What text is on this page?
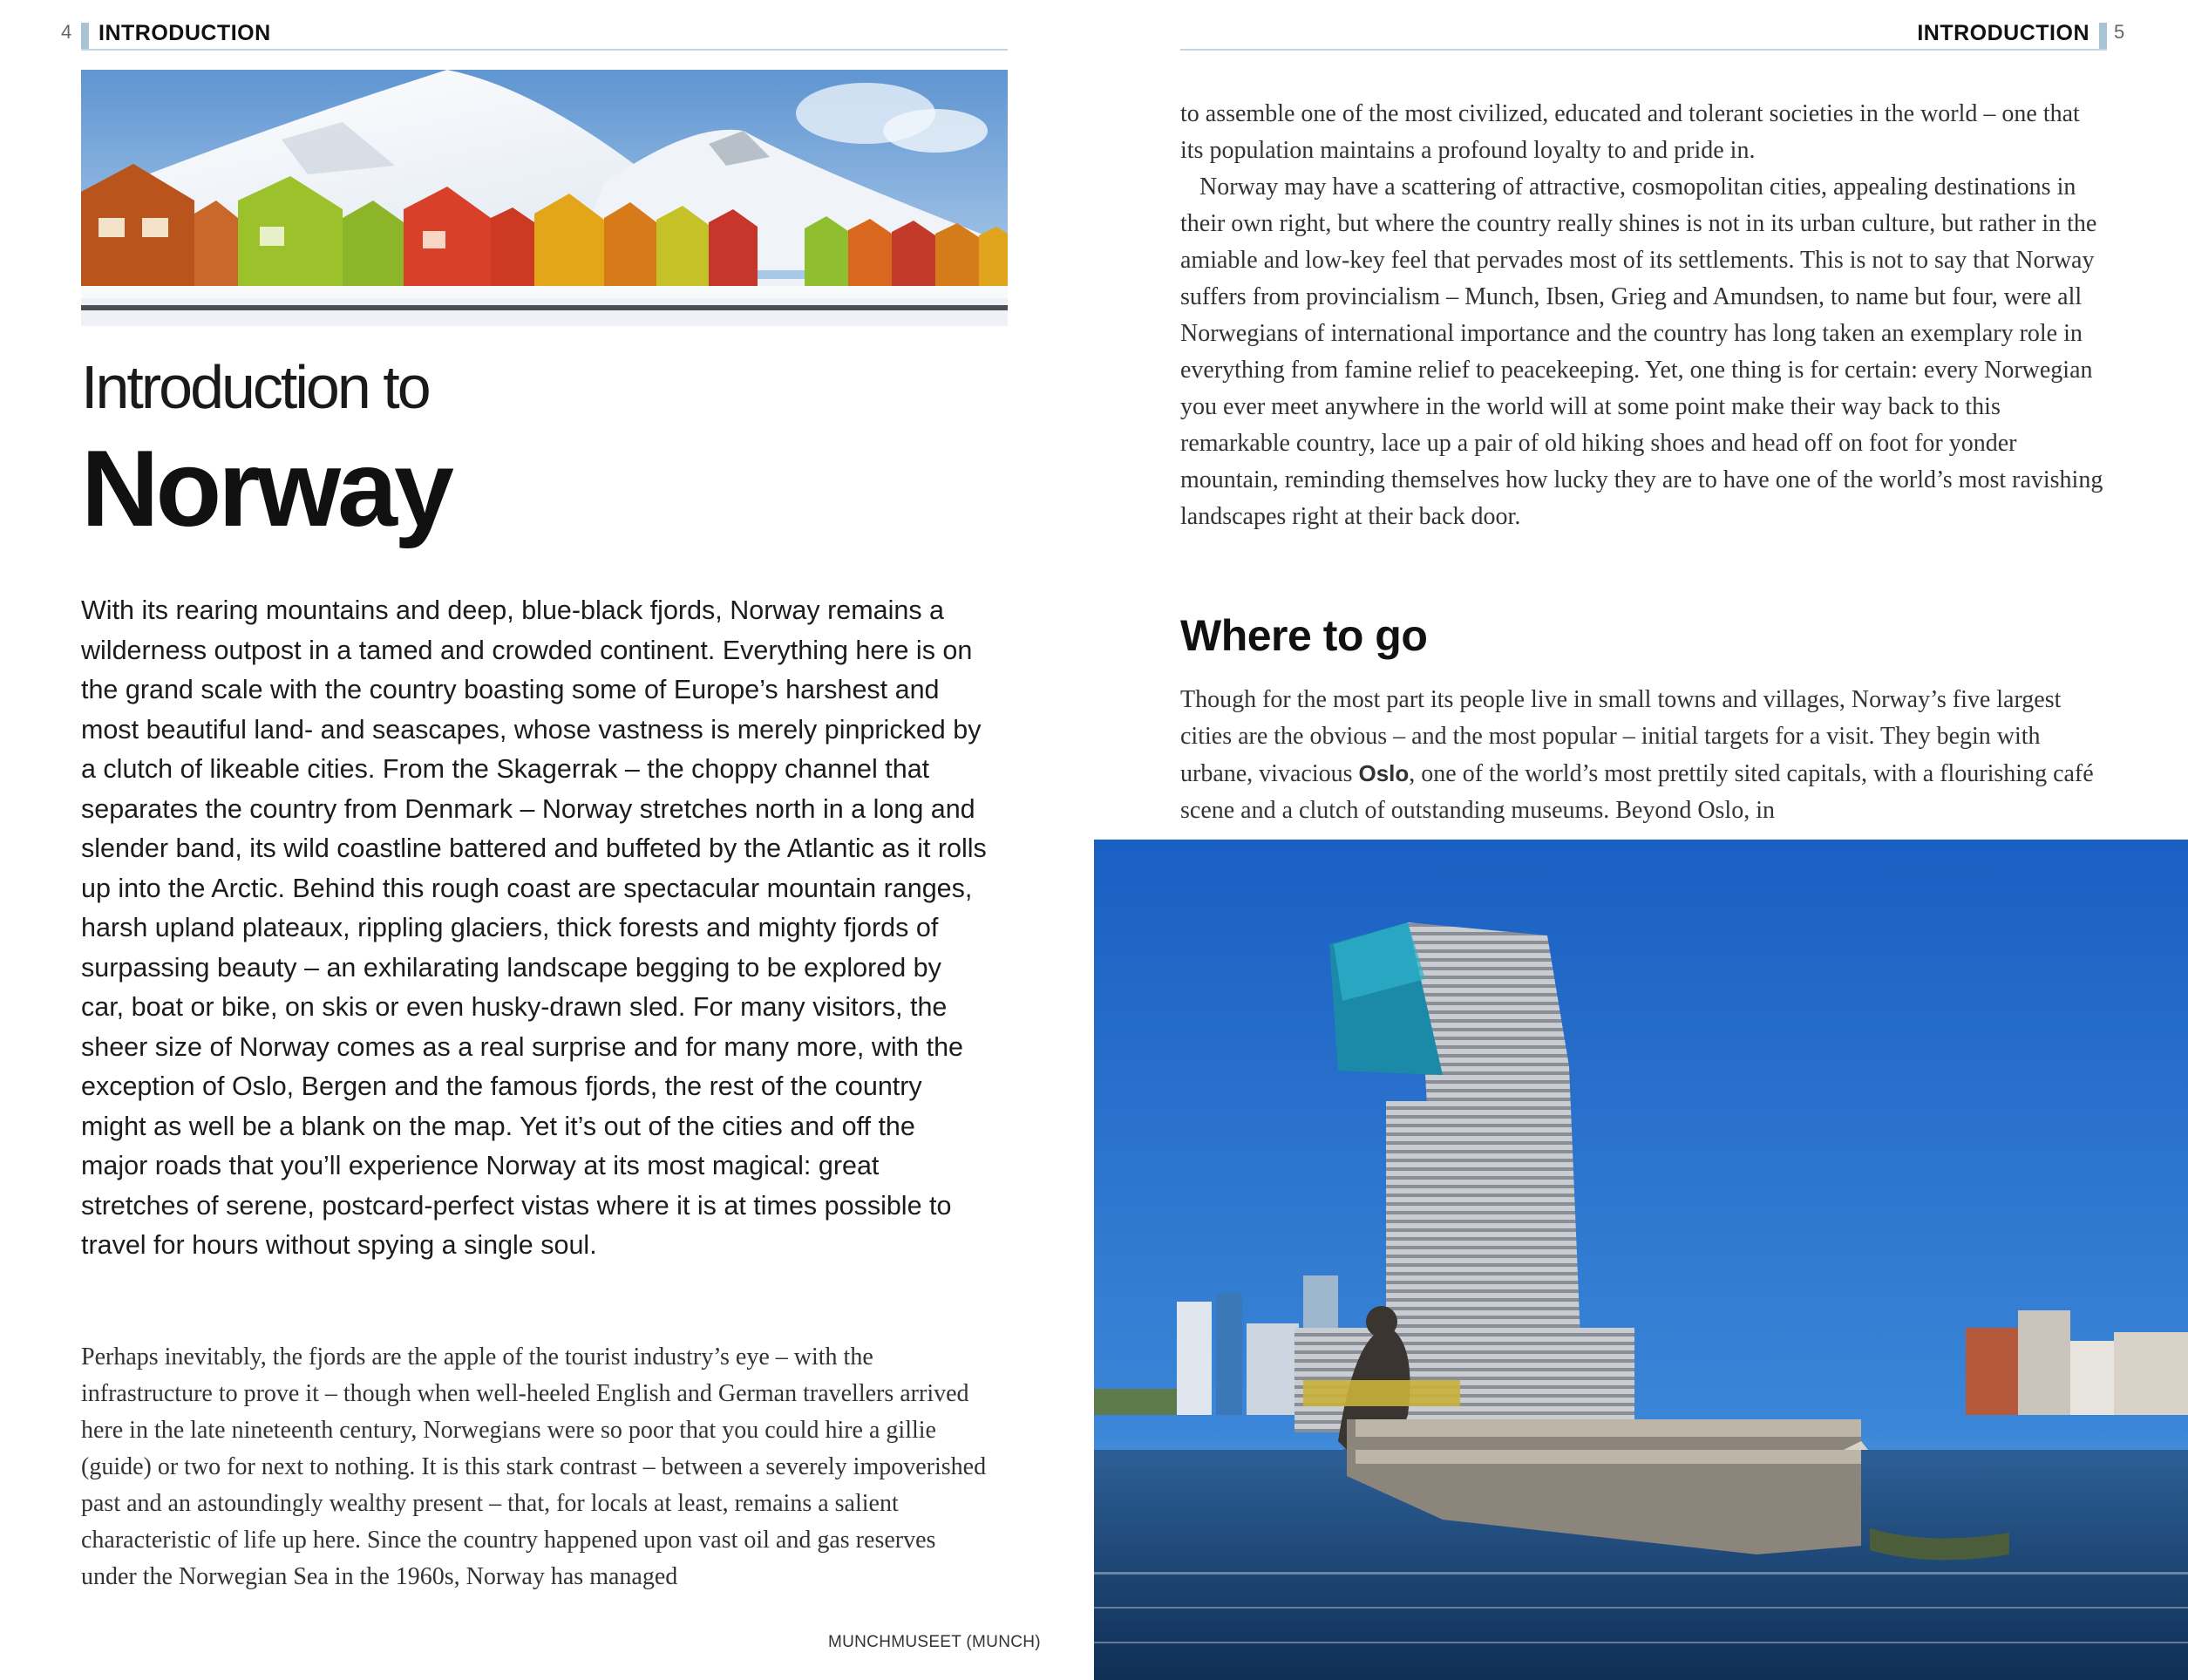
4 INTRODUCTION
Introduction to
Norway

With its rearing mountains and deep, blue-black fjords, Norway remains a wilderness outpost in a tamed and crowded continent. Everything here is on the grand scale with the country boasting some of Europe’s harshest and most beautiful land- and seascapes, whose vastness is merely pinpricked by a clutch of likeable cities. From the Skagerrak – the choppy channel that separates the country from Denmark – Norway stretches north in a long and slender band, its wild coastline battered and buffeted by the Atlantic as it rolls up into the Arctic. Behind this rough coast are spectacular mountain ranges, harsh upland plateaux, rippling glaciers, thick forests and mighty fjords of surpassing beauty – an exhilarating landscape begging to be explored by car, boat or bike, on skis or even husky-drawn sled. For many visitors, the sheer size of Norway comes as a real surprise and for many more, with the exception of Oslo, Bergen and the famous fjords, the rest of the country might as well be a blank on the map. Yet it’s out of the cities and off the major roads that you’ll experience Norway at its most magical: great stretches of serene, postcard-perfect vistas where it is at times possible to travel for hours without spying a single soul.

Perhaps inevitably, the fjords are the apple of the tourist industry’s eye – with the infrastructure to prove it – though when well-heeled English and German travellers arrived here in the late nineteenth century, Norwegians were so poor that you could hire a gillie (guide) or two for next to nothing. It is this stark contrast – between a severely impoverished past and an astoundingly wealthy present – that, for locals at least, remains a salient characteristic of life up here. Since the country happened upon vast oil and gas reserves under the Norwegian Sea in the 1960s, Norway has managed

MUNCHMUSEET (MUNCH)
INTRODUCTION 5

to assemble one of the most civilized, educated and tolerant societies in the world – one that its population maintains a profound loyalty to and pride in.

Norway may have a scattering of attractive, cosmopolitan cities, appealing destinations in their own right, but where the country really shines is not in its urban culture, but rather in the amiable and low-key feel that pervades most of its settlements. This is not to say that Norway suffers from provincialism – Munch, Ibsen, Grieg and Amundsen, to name but four, were all Norwegians of international importance and the country has long taken an exemplary role in everything from famine relief to peacekeeping. Yet, one thing is for certain: every Norwegian you ever meet anywhere in the world will at some point make their way back to this remarkable country, lace up a pair of old hiking shoes and head off on foot for yonder mountain, reminding themselves how lucky they are to have one of the world’s most ravishing landscapes right at their back door.

Where to go

Though for the most part its people live in small towns and villages, Norway’s five largest cities are the obvious – and the most popular – initial targets for a visit. They begin with urbane, vivacious Oslo, one of the world’s most prettily sited capitals, with a flourishing café scene and a clutch of outstanding museums. Beyond Oslo, in
